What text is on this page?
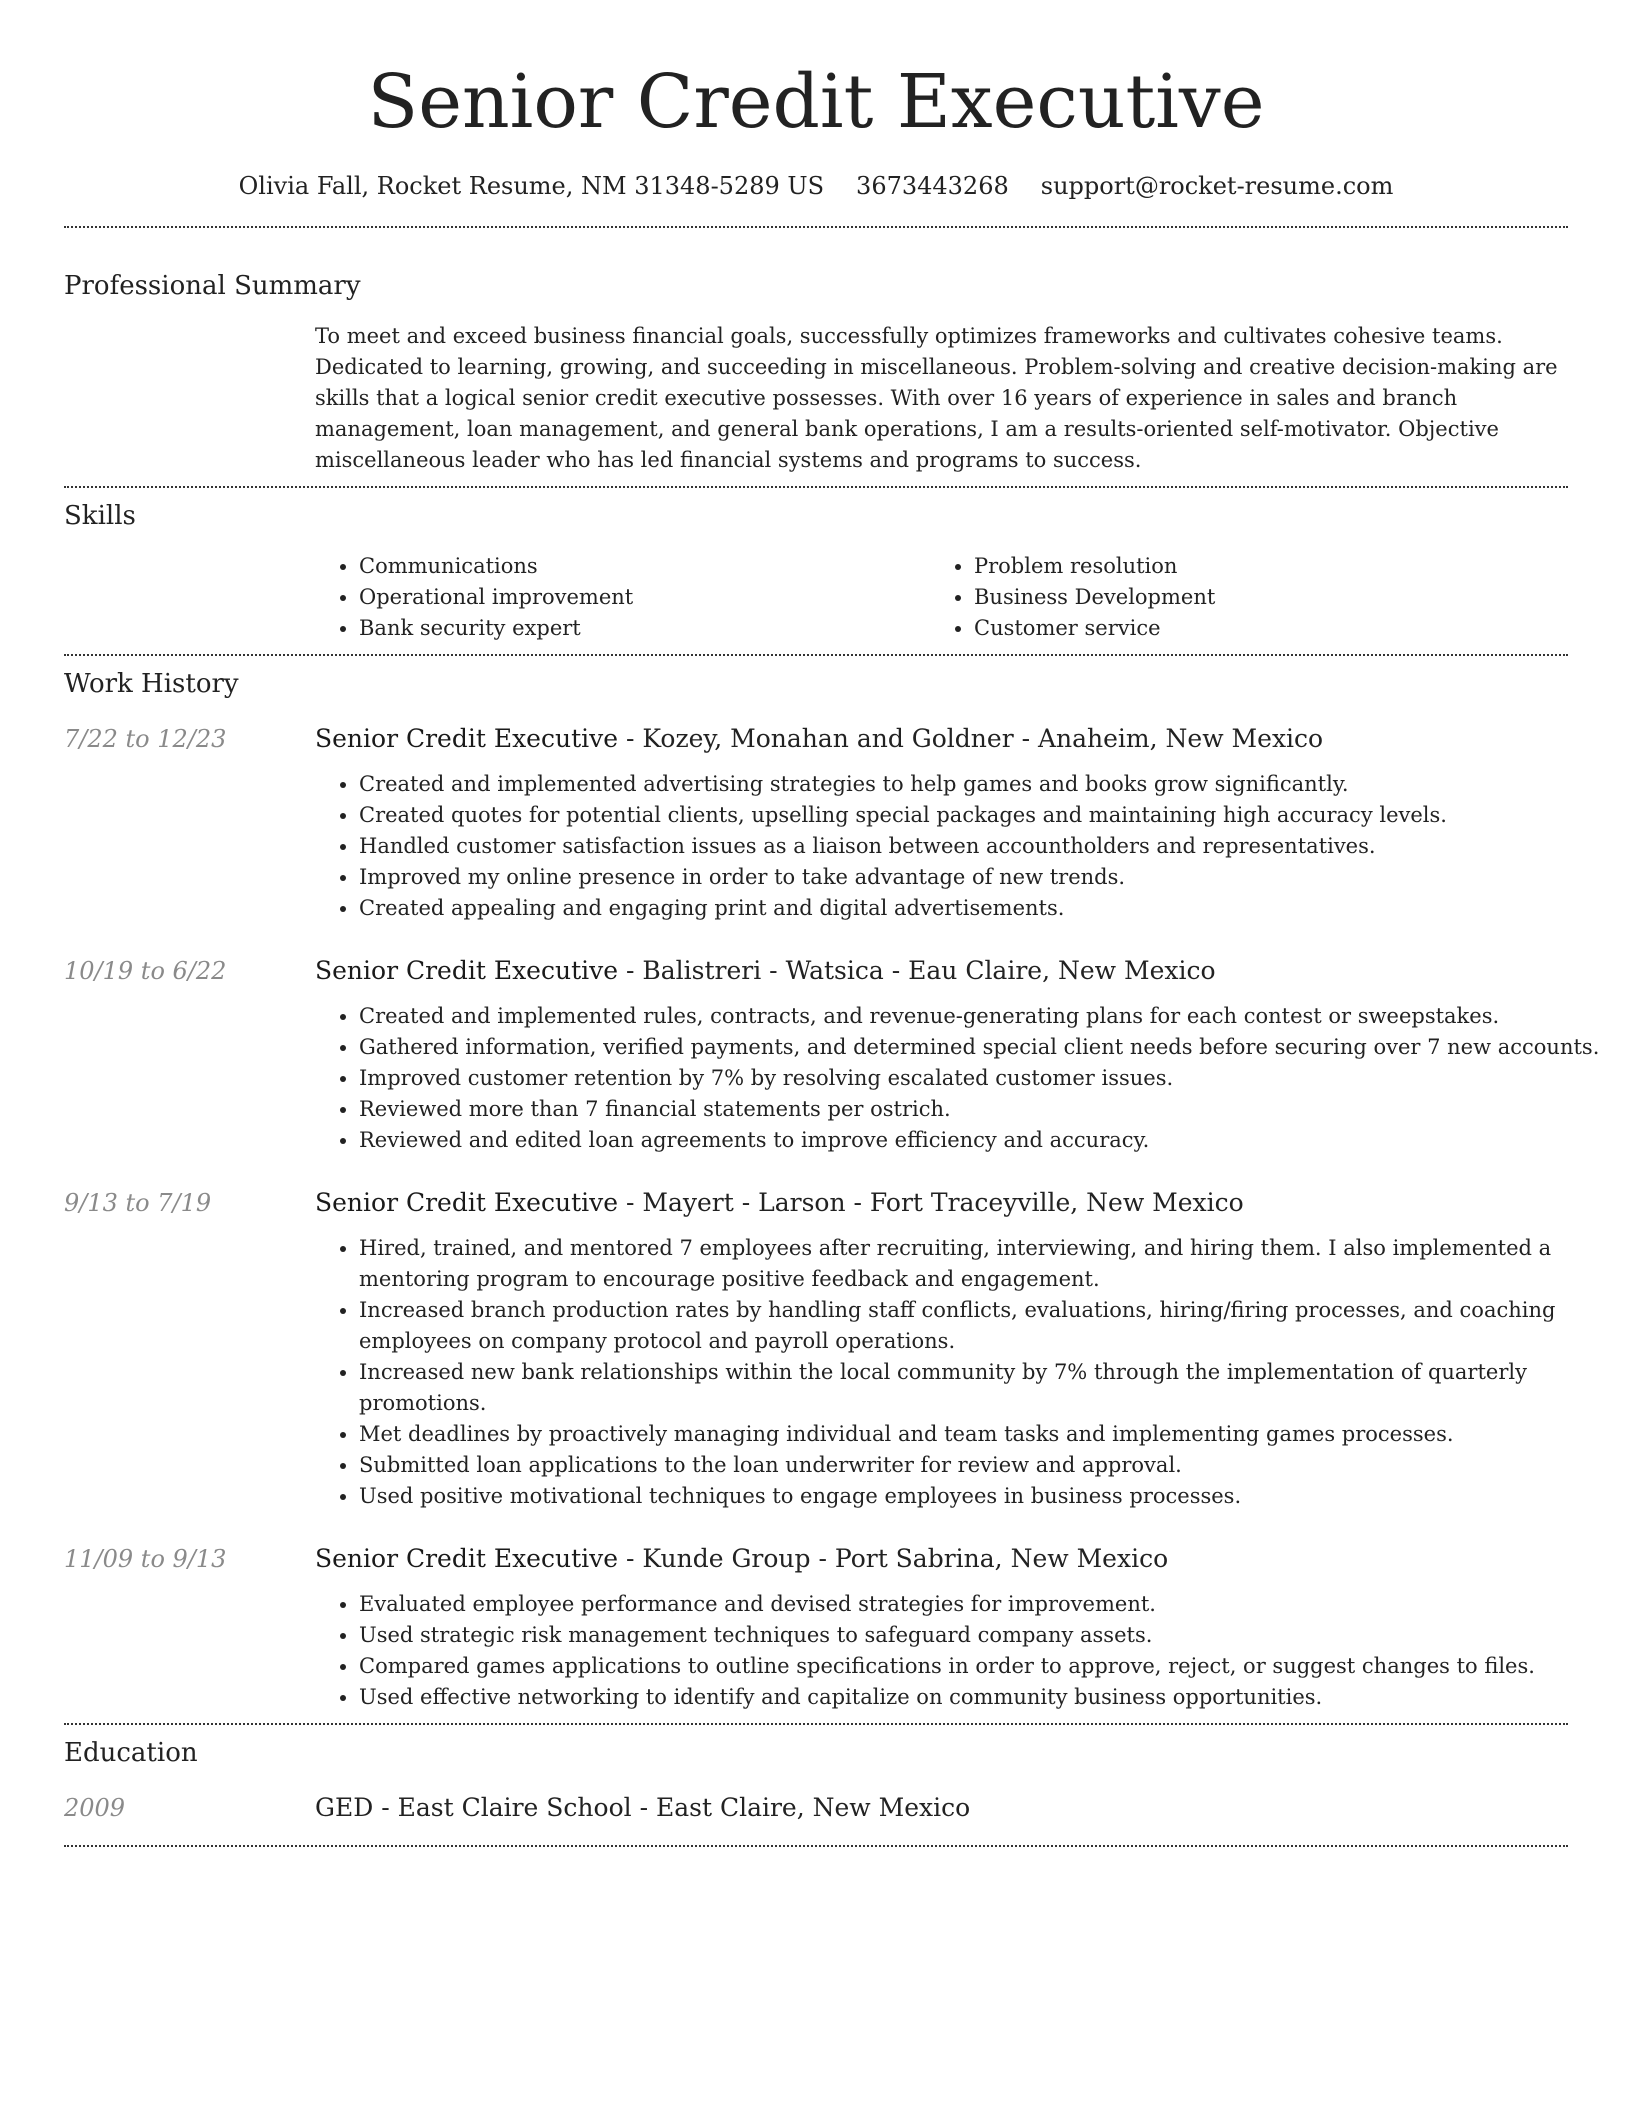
Senior Credit Executive
Olivia Fall, Rocket Resume, NM 31348-5289 US 3673443268 support@rocket-resume.com
Professional Summary

To meet and exceed business financial goals, successfully optimizes frameworks and cultivates cohesive teams. Dedicated to learning, growing, and succeeding in miscellaneous. Problem-solving and creative decision-making are skills that a logical senior credit executive possesses. With over 16 years of experience in sales and branch management, loan management, and general bank operations, I am a results-oriented self-motivator. Objective miscellaneous leader who has led financial systems and programs to success.

Skills
• Communications
• Operational improvement
• Bank security expert
• Problem resolution
• Business Development
• Customer service
Work History
7/22 to 12/23	Senior Credit Executive - Kozey, Monahan and Goldner - Anaheim, New Mexico
• Created and implemented advertising strategies to help games and books grow significantly.
• Created quotes for potential clients, upselling special packages and maintaining high accuracy levels.
• Handled customer satisfaction issues as a liaison between accountholders and representatives.
• Improved my online presence in order to take advantage of new trends.
• Created appealing and engaging print and digital advertisements.
10/19 to 6/22	Senior Credit Executive - Balistreri - Watsica - Eau Claire, New Mexico
• Created and implemented rules, contracts, and revenue-generating plans for each contest or sweepstakes.
• Gathered information, verified payments, and determined special client needs before securing over 7 new accounts.
• Improved customer retention by 7% by resolving escalated customer issues.
• Reviewed more than 7 financial statements per ostrich.
• Reviewed and edited loan agreements to improve efficiency and accuracy.
9/13 to 7/19	Senior Credit Executive - Mayert - Larson - Fort Traceyville, New Mexico
• Hired, trained, and mentored 7 employees after recruiting, interviewing, and hiring them. I also implemented a mentoring program to encourage positive feedback and engagement.
• Increased branch production rates by handling staff conflicts, evaluations, hiring/firing processes, and coaching employees on company protocol and payroll operations.
• Increased new bank relationships within the local community by 7% through the implementation of quarterly promotions.
• Met deadlines by proactively managing individual and team tasks and implementing games processes.
• Submitted loan applications to the loan underwriter for review and approval.
• Used positive motivational techniques to engage employees in business processes.
11/09 to 9/13	Senior Credit Executive - Kunde Group - Port Sabrina, New Mexico
• Evaluated employee performance and devised strategies for improvement.
• Used strategic risk management techniques to safeguard company assets.
• Compared games applications to outline specifications in order to approve, reject, or suggest changes to files.
• Used effective networking to identify and capitalize on community business opportunities.
Education
2009	GED - East Claire School - East Claire, New Mexico
